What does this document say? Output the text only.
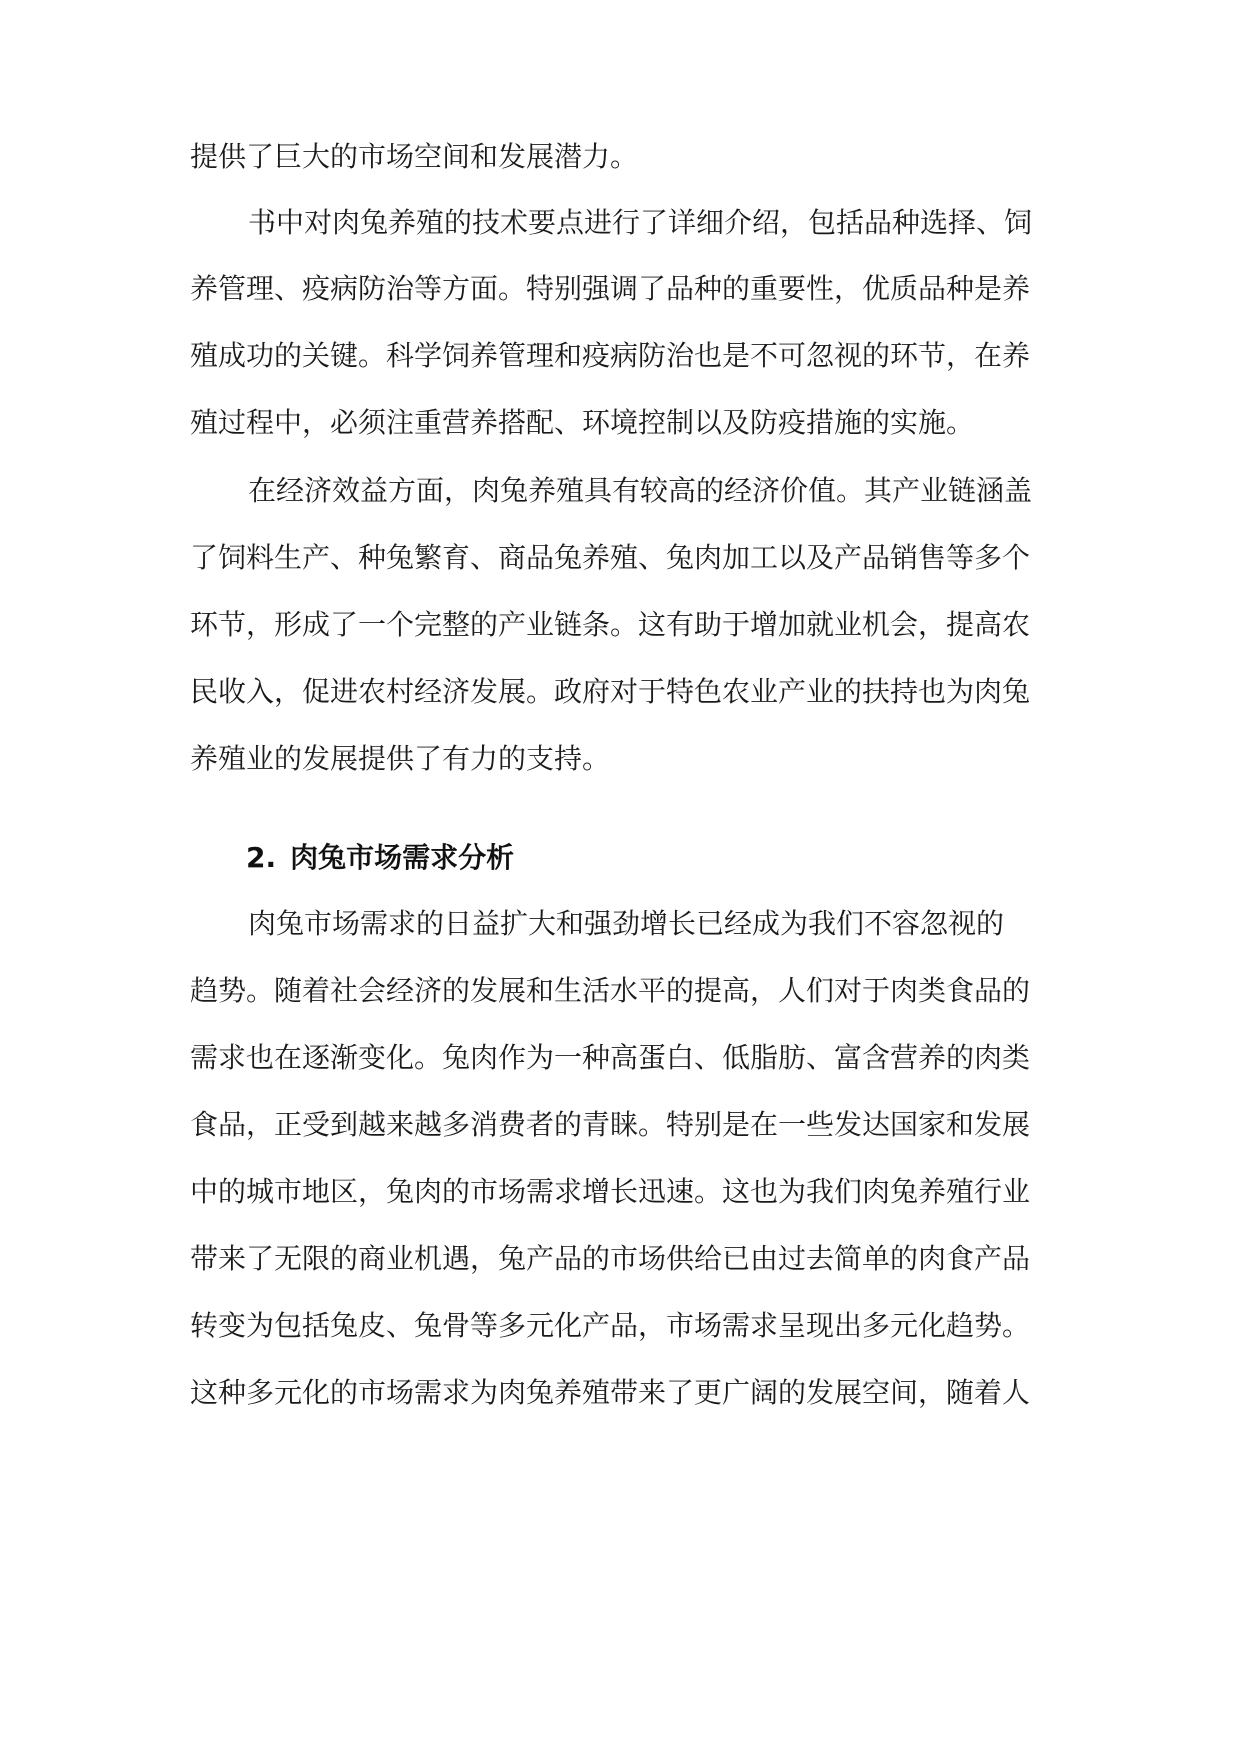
提供了巨大的市场空间和发展潜力。
书中对肉兔养殖的技术要点进行了详细介绍，包括品种选择、饲
养管理、疫病防治等方面。特别强调了品种的重要性，优质品种是养
殖成功的关键。科学饲养管理和疫病防治也是不可忽视的环节，在养
殖过程中，必须注重营养搭配、环境控制以及防疫措施的实施。
在经济效益方面，肉兔养殖具有较高的经济价值。其产业链涵盖
了饲料生产、种兔繁育、商品兔养殖、兔肉加工以及产品销售等多个
环节，形成了一个完整的产业链条。这有助于增加就业机会，提高农
民收入，促进农村经济发展。政府对于特色农业产业的扶持也为肉兔
养殖业的发展提供了有力的支持。
2. 肉兔市场需求分析
肉兔市场需求的日益扩大和强劲增长已经成为我们不容忽视的
趋势。随着社会经济的发展和生活水平的提高，人们对于肉类食品的
需求也在逐渐变化。兔肉作为一种高蛋白、低脂肪、富含营养的肉类
食品，正受到越来越多消费者的青睐。特别是在一些发达国家和发展
中的城市地区，兔肉的市场需求增长迅速。这也为我们肉兔养殖行业
带来了无限的商业机遇，兔产品的市场供给已由过去简单的肉食产品
转变为包括兔皮、兔骨等多元化产品，市场需求呈现出多元化趋势。
这种多元化的市场需求为肉兔养殖带来了更广阔的发展空间，随着人
